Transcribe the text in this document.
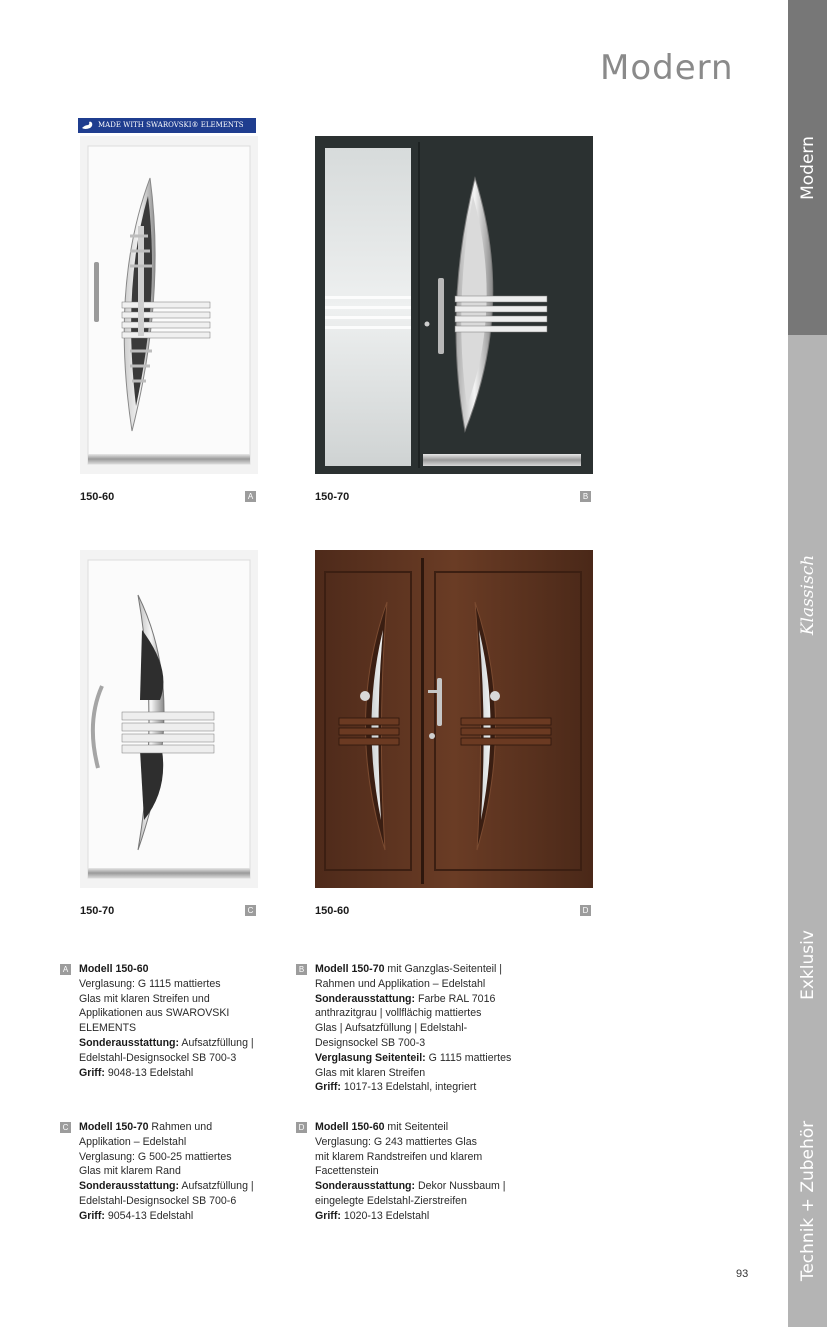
Modern
Modern
Klassisch
Exklusiv
Technik + Zubehör
MADE WITH SWAROVSKI® ELEMENTS
150-60	A	150-70	B
150-70	C	150-60	D
A Modell 150-60
Verglasung: G 1115 mattiertes
Glas mit klaren Streifen und
Applikationen aus SWAROVSKI
ELEMENTS
Sonderausstattung: Aufsatzfüllung |
Edelstahl-Designsockel SB 700-3
Griff: 9048-13 Edelstahl
B Modell 150-70 mit Ganzglas-Seitenteil |
Rahmen und Applikation – Edelstahl
Sonderausstattung: Farbe RAL 7016
anthrazitgrau | vollflächig mattiertes
Glas | Aufsatzfüllung | Edelstahl-
Designsockel SB 700-3
Verglasung Seitenteil: G 1115 mattiertes
Glas mit klaren Streifen
Griff: 1017-13 Edelstahl, integriert
C Modell 150-70 Rahmen und
Applikation – Edelstahl
Verglasung: G 500-25 mattiertes
Glas mit klarem Rand
Sonderausstattung: Aufsatzfüllung |
Edelstahl-Designsockel SB 700-6
Griff: 9054-13 Edelstahl
D Modell 150-60 mit Seitenteil
Verglasung: G 243 mattiertes Glas
mit klarem Randstreifen und klarem
Facettenstein
Sonderausstattung: Dekor Nussbaum |
eingelegte Edelstahl-Zierstreifen
Griff: 1020-13 Edelstahl
93
